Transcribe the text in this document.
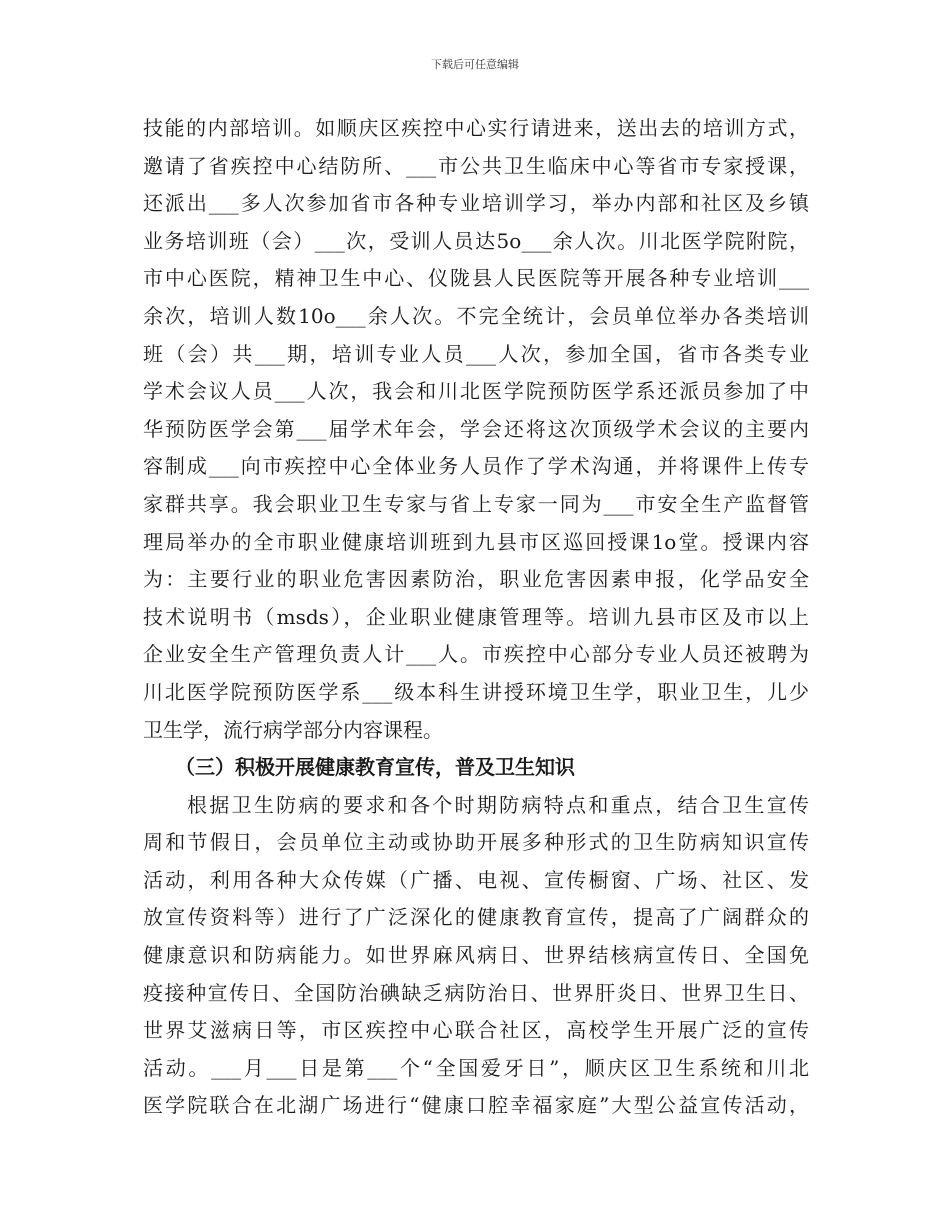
下载后可任意编辑
技能的内部培训。如顺庆区疾控中心实行请进来，送出去的培训方式，
邀请了省疾控中心结防所、___市公共卫生临床中心等省市专家授课，
还派出___多人次参加省市各种专业培训学习，举办内部和社区及乡镇
业务培训班（会）___次，受训人员达5o___余人次。川北医学院附院，
市中心医院，精神卫生中心、仪陇县人民医院等开展各种专业培训___
余次，培训人数10o___余人次。不完全统计，会员单位举办各类培训
班（会）共___期，培训专业人员___人次，参加全国，省市各类专业
学术会议人员___人次，我会和川北医学院预防医学系还派员参加了中
华预防医学会第___届学术年会，学会还将这次顶级学术会议的主要内
容制成___向市疾控中心全体业务人员作了学术沟通，并将课件上传专
家群共享。我会职业卫生专家与省上专家一同为___市安全生产监督管
理局举办的全市职业健康培训班到九县市区巡回授课1o堂。授课内容
为：主要行业的职业危害因素防治，职业危害因素申报，化学品安全
技术说明书（msds），企业职业健康管理等。培训九县市区及市以上
企业安全生产管理负责人计___人。市疾控中心部分专业人员还被聘为
川北医学院预防医学系___级本科生讲授环境卫生学，职业卫生，儿少
卫生学，流行病学部分内容课程。
（三）积极开展健康教育宣传，普及卫生知识
根据卫生防病的要求和各个时期防病特点和重点，结合卫生宣传
周和节假日，会员单位主动或协助开展多种形式的卫生防病知识宣传
活动，利用各种大众传媒（广播、电视、宣传橱窗、广场、社区、发
放宣传资料等）进行了广泛深化的健康教育宣传，提高了广阔群众的
健康意识和防病能力。如世界麻风病日、世界结核病宣传日、全国免
疫接种宣传日、全国防治碘缺乏病防治日、世界肝炎日、世界卫生日、
世界艾滋病日等，市区疾控中心联合社区，高校学生开展广泛的宣传
活动。___月___日是第___个“全国爱牙日”，顺庆区卫生系统和川北
医学院联合在北湖广场进行“健康口腔幸福家庭”大型公益宣传活动，
